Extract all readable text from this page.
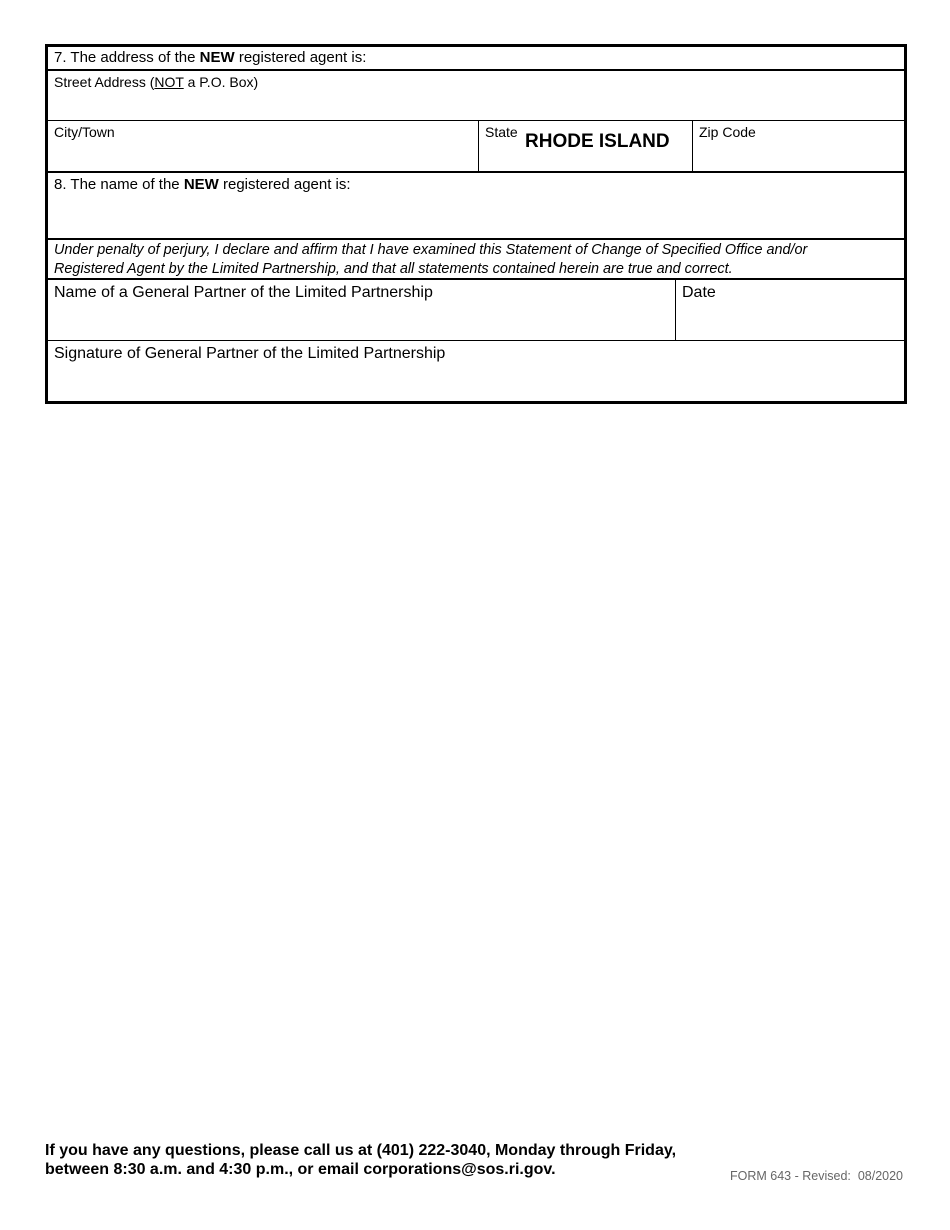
7. The address of the NEW registered agent is:
Street Address (NOT a P.O. Box)
City/Town	State RHODE ISLAND	Zip Code
8. The name of the NEW registered agent is:
Under penalty of perjury, I declare and affirm that I have examined this Statement of Change of Specified Office and/or
Registered Agent by the Limited Partnership, and that all statements contained herein are true and correct.
Name of a General Partner of the Limited Partnership	Date
Signature of General Partner of the Limited Partnership
If you have any questions, please call us at (401) 222-3040, Monday through Friday,
between 8:30 a.m. and 4:30 p.m., or email corporations@sos.ri.gov.	FORM 643 - Revised:  08/2020
